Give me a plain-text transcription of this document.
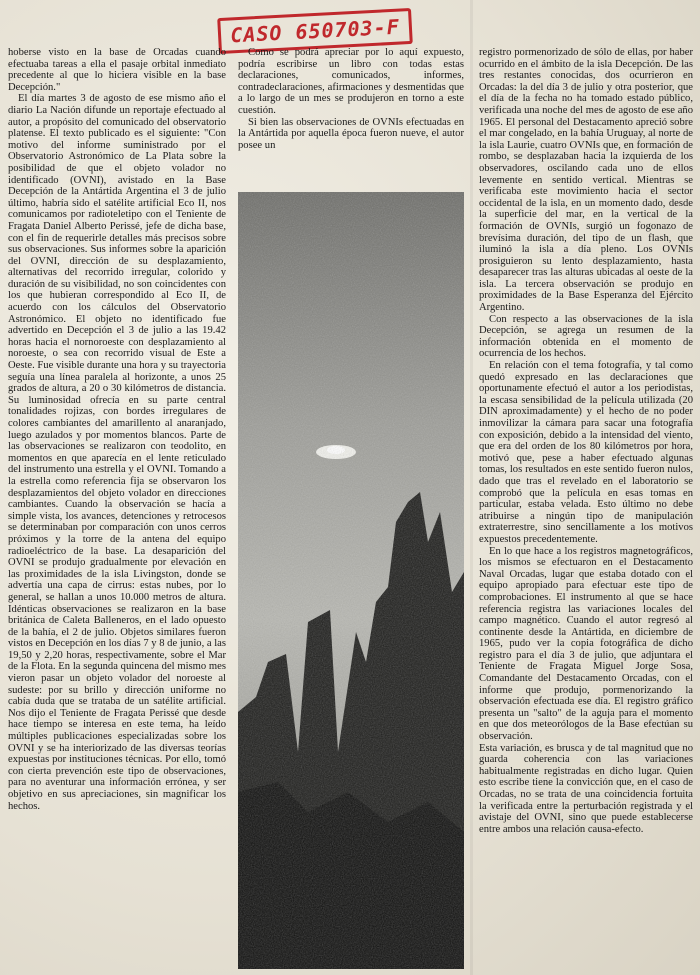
CASO 650703-F

hoberse visto en la base de Orcadas cuando efectuaba tareas a ella el pasaje orbital inmediato precedente al que lo hiciera visible en la base Decepción."

El día martes 3 de agosto de ese mismo año el diario La Nación difunde un reportaje efectuado al autor, a propósito del comunicado del observatorio platense. El texto publicado es el siguiente: "Con motivo del informe suministrado por el Observatorio Astronómico de La Plata sobre la posibilidad de que el objeto volador no identificado (OVNI), avistado en la Base Decepción de la Antártida Argentina el 3 de julio último, habría sido el satélite artificial Eco II, nos comunicamos por radioteletipo con el Teniente de Fragata Daniel Alberto Perissé, jefe de dicha base, con el fin de requerirle detalles más precisos sobre sus observaciones. Sus informes sobre la aparición del OVNI, dirección de su desplazamiento, alternativas del recorrido irregular, colorido y duración de su visibilidad, no son coincidentes con los que hubieran correspondido al Eco II, de acuerdo con los cálculos del Observatorio Astronómico. El objeto no identificado fue advertido en Decepción el 3 de julio a las 19.42 horas hacia el nornoroeste con desplazamiento al noroeste, o sea con recorrido visual de Este a Oeste. Fue visible durante una hora y su trayectoria seguía una línea paralela al horizonte, a unos 25 grados de altura, a 20 o 30 kilómetros de distancia. Su luminosidad ofrecía en su parte central tonalidades rojizas, con bordes irregulares de colores cambiantes del amarillento al anaranjado, luego azulados y por momentos blancos. Parte de las observaciones se realizaron con teodolito, en momentos en que aparecía en el lente reticulado del instrumento una estrella y el OVNI. Tomando a la estrella como referencia fija se observaron los desplazamientos del objeto volador en direcciones cambiantes. Cuando la observación se hacía a simple vista, los avances, detenciones y retrocesos se determinaban por comparación con unos cerros próximos y la torre de la antena del equipo radioeléctrico de la base. La desaparición del OVNI se produjo gradualmente por elevación en las proximidades de la isla Livingston, donde se advertía una capa de cirrus: estas nubes, por lo general, se hallan a unos 10.000 metros de altura. Idénticas observaciones se realizaron en la base británica de Caleta Balleneros, en el lado opuesto de la bahía, el 2 de julio. Objetos similares fueron vistos en Decepción en los días 7 y 8 de junio, a las 19,50 y 2,20 horas, respectivamente, sobre el Mar de la Flota. En la segunda quincena del mismo mes vieron pasar un objeto volador del noroeste al sudeste: por su brillo y dirección uniforme no cabía duda que se trataba de un satélite artificial. Nos dijo el Teniente de Fragata Perissé que desde hace tiempo se interesa en este tema, ha leído múltiples publicaciones especializadas sobre los OVNI y se ha interiorizado de las diversas teorías expuestas por instituciones técnicas. Por ello, tomó con cierta prevención este tipo de observaciones, para no aventurar una información errónea, y ser objetivo en sus apreciaciones, sin magnificar los hechos.

Como se podrá apreciar por lo aquí expuesto, podría escribirse un libro con todas estas declaraciones, comunicados, informes, contradeclaraciones, afirmaciones y desmentidas que a lo largo de un mes se produjeron en torno a este cuestión.

Si bien las observaciones de OVNIs efectuadas en la Antártida por aquella época fueron nueve, el autor posee un

registro pormenorizado de sólo de ellas, por haber ocurrido en el ámbito de la isla Decepción. De las tres restantes conocidas, dos ocurrieron en Orcadas: la del día 3 de julio y otra posterior, que el día de la fecha no ha tomado estado público, verificada una noche del mes de agosto de ese año 1965. El personal del Destacamento apreció sobre el mar congelado, en la bahía Uruguay, al norte de la isla Laurie, cuatro OVNIs que, en formación de rombo, se desplazaban hacia la izquierda de los observadores, oscilando cada uno de ellos levemente en sentido vertical. Mientras se verificaba este movimiento hacia el sector occidental de la isla, en un momento dado, desde la superficie del mar, en la vertical de la formación de OVNIs, surgió un fogonazo de brevísima duración, del tipo de un flash, que iluminó la isla a día pleno. Los OVNIs prosiguieron su lento desplazamiento, hasta desaparecer tras las alturas ubicadas al oeste de la isla. La tercera observación se produjo en proximidades de la Base Esperanza del Ejército Argentino.

Con respecto a las observaciones de la isla Decepción, se agrega un resumen de la información obtenida en el momento de ocurrencia de los hechos.

En relación con el tema fotografía, y tal como quedó expresado en las declaraciones que oportunamente efectuó el autor a los periodistas, la escasa sensibilidad de la película utilizada (20 DIN aproximadamente) y el hecho de no poder inmovilizar la cámara para sacar una fotografía con exposición, debido a la intensidad del viento, que era del orden de los 80 kilómetros por hora, motivó que, pese a haber efectuado algunas tomas, los resultados en este sentido fueron nulos, dado que tras el revelado en el laboratorio se comprobó que la película en esas tomas en particular, estaba velada. Esto último no debe atribuirse a ningún tipo de manipulación extraterrestre, sino sencillamente a los motivos expuestos precedentemente.

En lo que hace a los registros magnetográficos, los mismos se efectuaron en el Destacamento Naval Orcadas, lugar que estaba dotado con el equipo apropiado para efectuar este tipo de comprobaciones. El instrumento al que se hace referencia registra las variaciones locales del campo magnético. Cuando el autor regresó al continente desde la Antártida, en diciembre de 1965, pudo ver la copia fotográfica de dicho registro para el día 3 de julio, que adjuntara el Teniente de Fragata Miguel Jorge Sosa, Comandante del Destacamento Orcadas, con el informe que produjo, pormenorizando la observación efectuada ese día. El registro gráfico presenta un "salto" de la aguja para el momento en que dos meteorólogos de la Base efectúan su observación.

Esta variación, es brusca y de tal magnitud que no guarda coherencia con las variaciones habitualmente registradas en dicho lugar. Quien esto escribe tiene la convicción que, en el caso de Orcadas, no se trata de una coincidencia fortuita la verificada entre la perturbación registrada y el avistaje del OVNI, sino que puede establecerse entre ambos una relación causa-efecto.
